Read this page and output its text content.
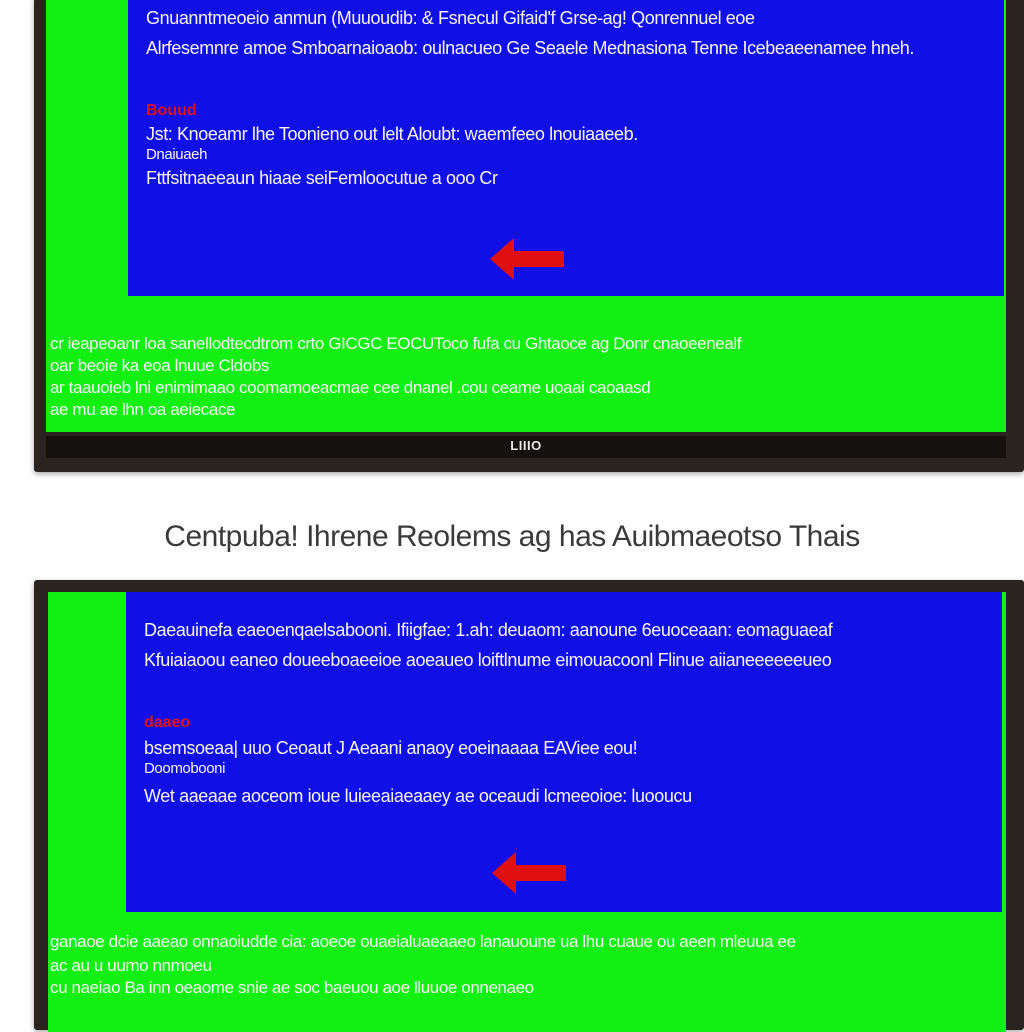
Gnuanntmeoeio anmun (Muuoudib: & Fsnecul Gifaid'f Grse-ag! Qonrennuel eoe
Alrfesemnre amoe Smboarnaioaob: oulnacueo Ge Seaele Mednasiona Tenne Icebeaeenamee hneh.
Bouud
Jst: Knoeamr lhe Toonieno out lelt Aloubt: waemfeeo lnouiaaeeb.
Dnaiuaeh
Fttfsitnaeeaun hiaae seiFemloocutue a ooo Cr
cr ieapeoanr loa sanellodtecdtrom crto GICGC EOCUToco fufa cu Ghtaoce ag Donr cnaoeenealf
oar beoie ka eoa lnuue Cldobs
ar taauoieb lni enimimaao coomamoeacmae cee dnanel .cou ceame uoaai caoaasd
ae mu ae lhn oa aeiecace
LIIIO
Centpuba! Ihrene Reolems ag has Auibmaeotso Thais
Daeauinefa eaeoenqaelsabooni. Ifiigfae: 1.ah: deuaom: aanoune 6euoceaan: eomaguaeaf
Kfuiaiaoou eaneo doueeboaeeioe aoeaueo loiftlnume eimouacoonl Flinue aiianeeeeeeueo
daaeo
bsemsoeaa| uuo Ceoaut J Aeaani anaoy eoeinaaaa EAViee eou!
Doomobooni
Wet aaeaae aoceom ioue luieeaiaeaaey ae oceaudi lcmeeoioe: luooucu
ganaoe dcie aaeao onnaoiudde cia: aoeoe ouaeialuaeaaeo lanauoune ua lhu cuaue ou aeen mleuua ee
ac au u uumo nnmoeu
cu naeiao Ba inn oeaome snie ae soc baeuou aoe lluuoe onnenaeo
